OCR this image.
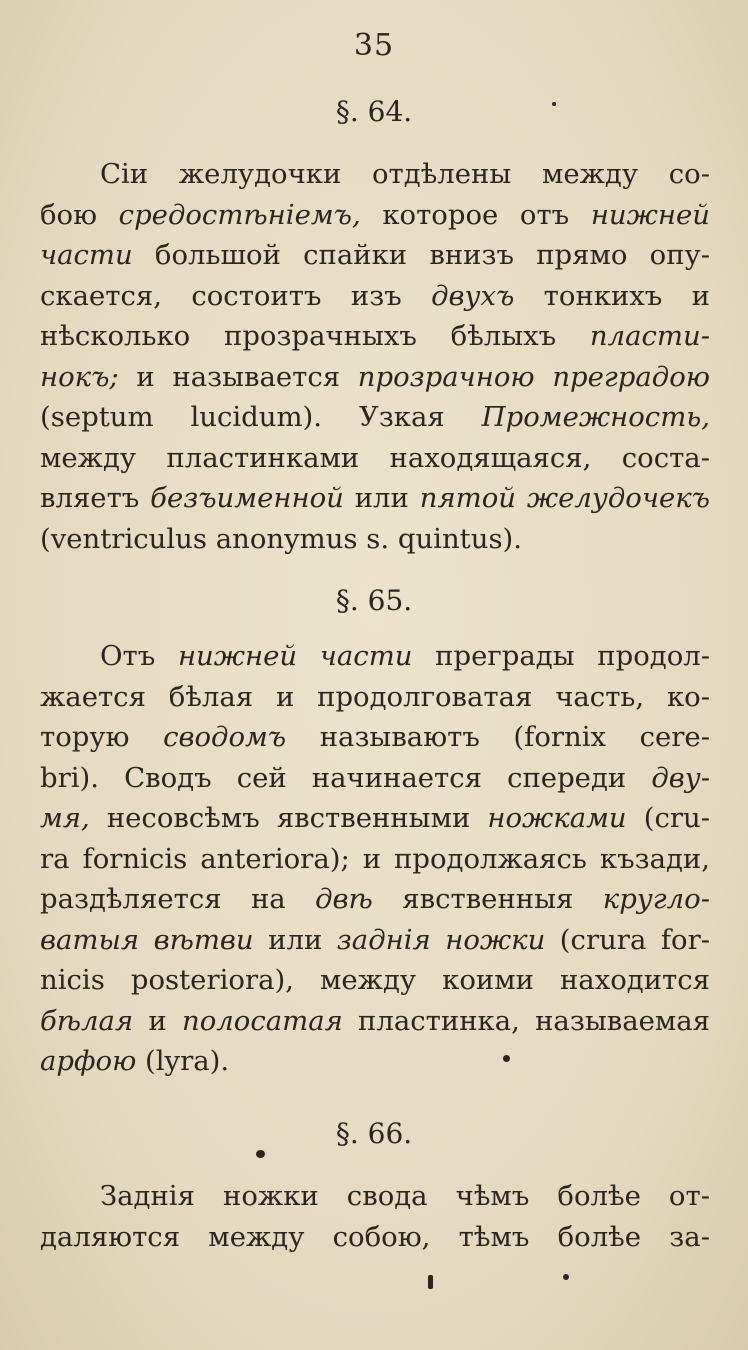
35
§. 64.
Сіи желудочки отдѣлены между со-
бою средостѣніемъ, которое отъ нижней
части большой спайки внизъ прямо опу-
скается, состоитъ изъ двухъ тонкихъ и
нѣсколько прозрачныхъ бѣлыхъ пласти-
нокъ; и называется прозрачною преградою
(septum lucidum). Узкая Промежность,
между пластинками находящаяся, соста-
вляетъ безъименной или пятой желудочекъ
(ventriculus anonymus s. quintus).
§. 65.
Отъ нижней части преграды продол-
жается бѣлая и продолговатая часть, ко-
торую сводомъ называютъ (fornix cere-
bri). Сводъ сей начинается спереди дву-
мя, несовсѣмъ явственными ножками (cru-
ra fornicis anteriora); и продолжаясь къзади,
раздѣляется на двѣ явственныя кругло-
ватыя вѣтви или заднія ножки (crura for-
nicis posteriora), между коими находится
бѣлая и полосатая пластинка, называемая
арфою (lyra).
§. 66.
Заднія ножки свода чѣмъ болѣе от-
даляются между собою, тѣмъ болѣе за-
